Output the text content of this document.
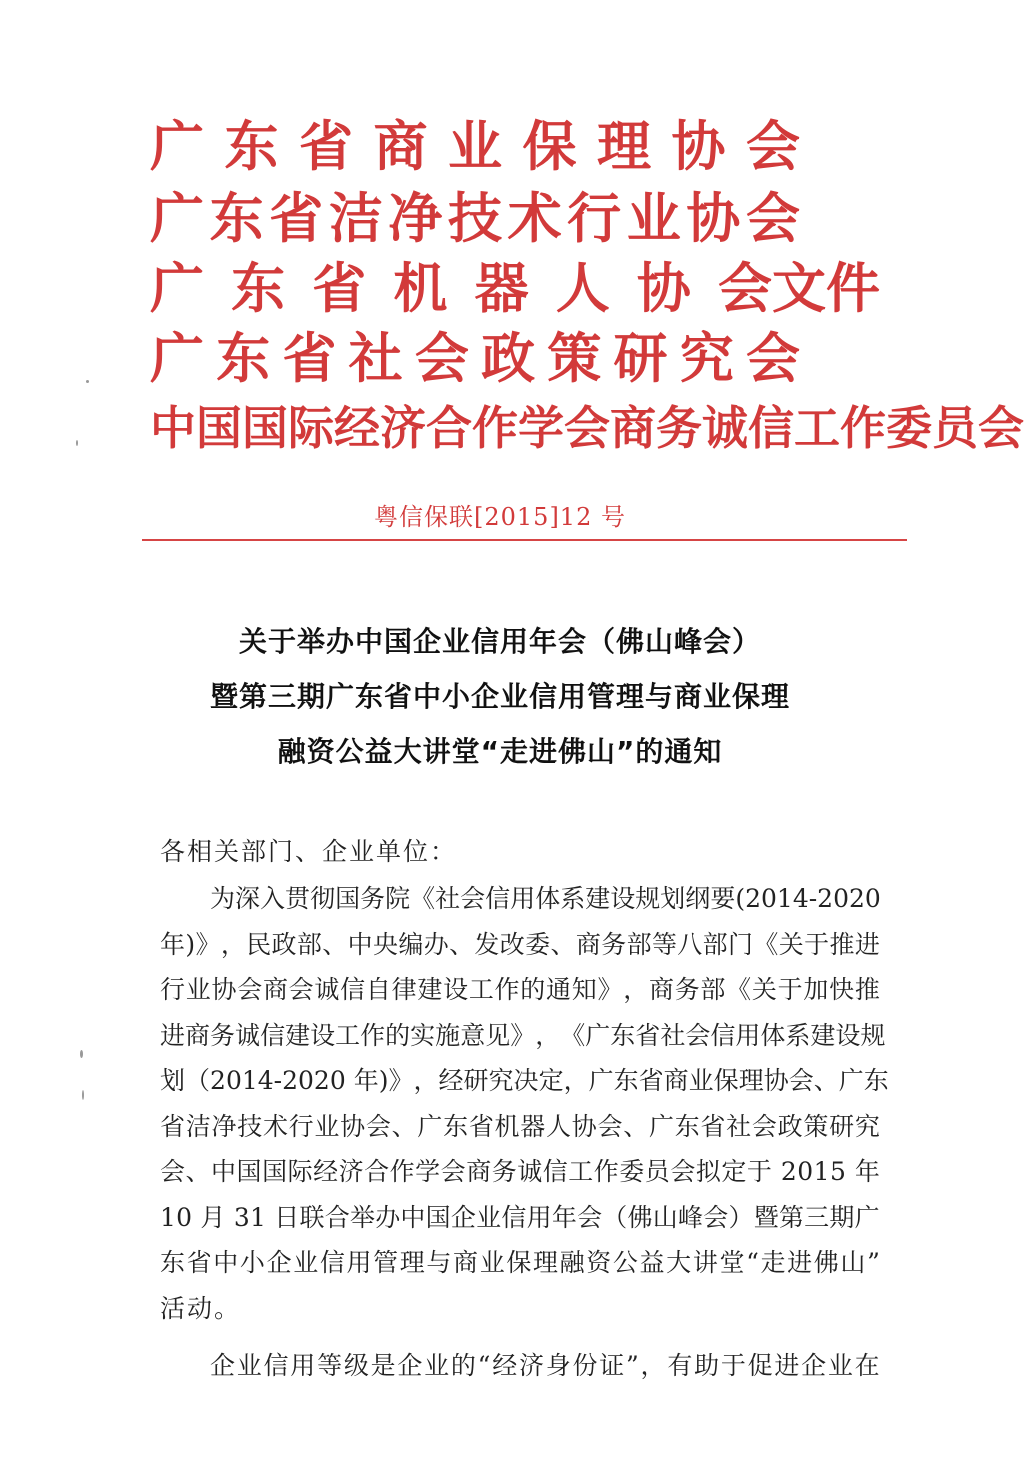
广 东 省 商 业 保 理 协 会
广 东 省 洁 净 技 术 行 业 协 会
广 东 省 机 器 人 协 会文件
广 东 省 社 会 政 策 研 究 会
中 国 国 际 经 济 合 作 学 会 商 务 诚 信 工 作 委 员 会
粤信保联[2015]12 号
关于举办中国企业信用年会（佛山峰会）
暨第三期广东省中小企业信用管理与商业保理
融资公益大讲堂“走进佛山”的通知
各相关部门、企业单位：
为 深 入 贯 彻 国 务 院 《 社 会 信 用 体 系 建 设 规 划 纲 要 ( 2 0 1 4 - 2 0 2 0
年 ) 》 ， 民 政 部 、 中 央 编 办 、 发 改 委 、 商 务 部 等 八 部 门 《 关 于 推 进
行 业 协 会 商 会 诚 信 自 律 建 设 工 作 的 通 知 》 ， 商 务 部 《 关 于 加 快 推
进 商 务 诚 信 建 设 工 作 的 实 施 意 见 》 ， 《 广 东 省 社 会 信 用 体 系 建 设 规
划 （ 2 0 1 4 - 2 0 2 0
年 ) 》 ， 经 研 究 决 定 ， 广 东 省 商 业 保 理 协 会 、 广 东
省 洁 净 技 术 行 业 协 会 、 广 东 省 机 器 人 协 会 、 广 东 省 社 会 政 策 研 究
会 、 中 国 国 际 经 济 合 作 学 会 商 务 诚 信 工 作 委 员 会 拟 定 于
2 0 1 5
年
1 0
月
3 1
日 联 合 举 办 中 国 企 业 信 用 年 会 （ 佛 山 峰 会 ） 暨 第 三 期 广
东 省 中 小 企 业 信 用 管 理 与 商 业 保 理 融 资 公 益 大 讲 堂 “ 走 进 佛 山 ”
活动。
企 业 信 用 等 级 是 企 业 的 “ 经 济 身 份 证 ” ， 有 助 于 促 进 企 业 在
